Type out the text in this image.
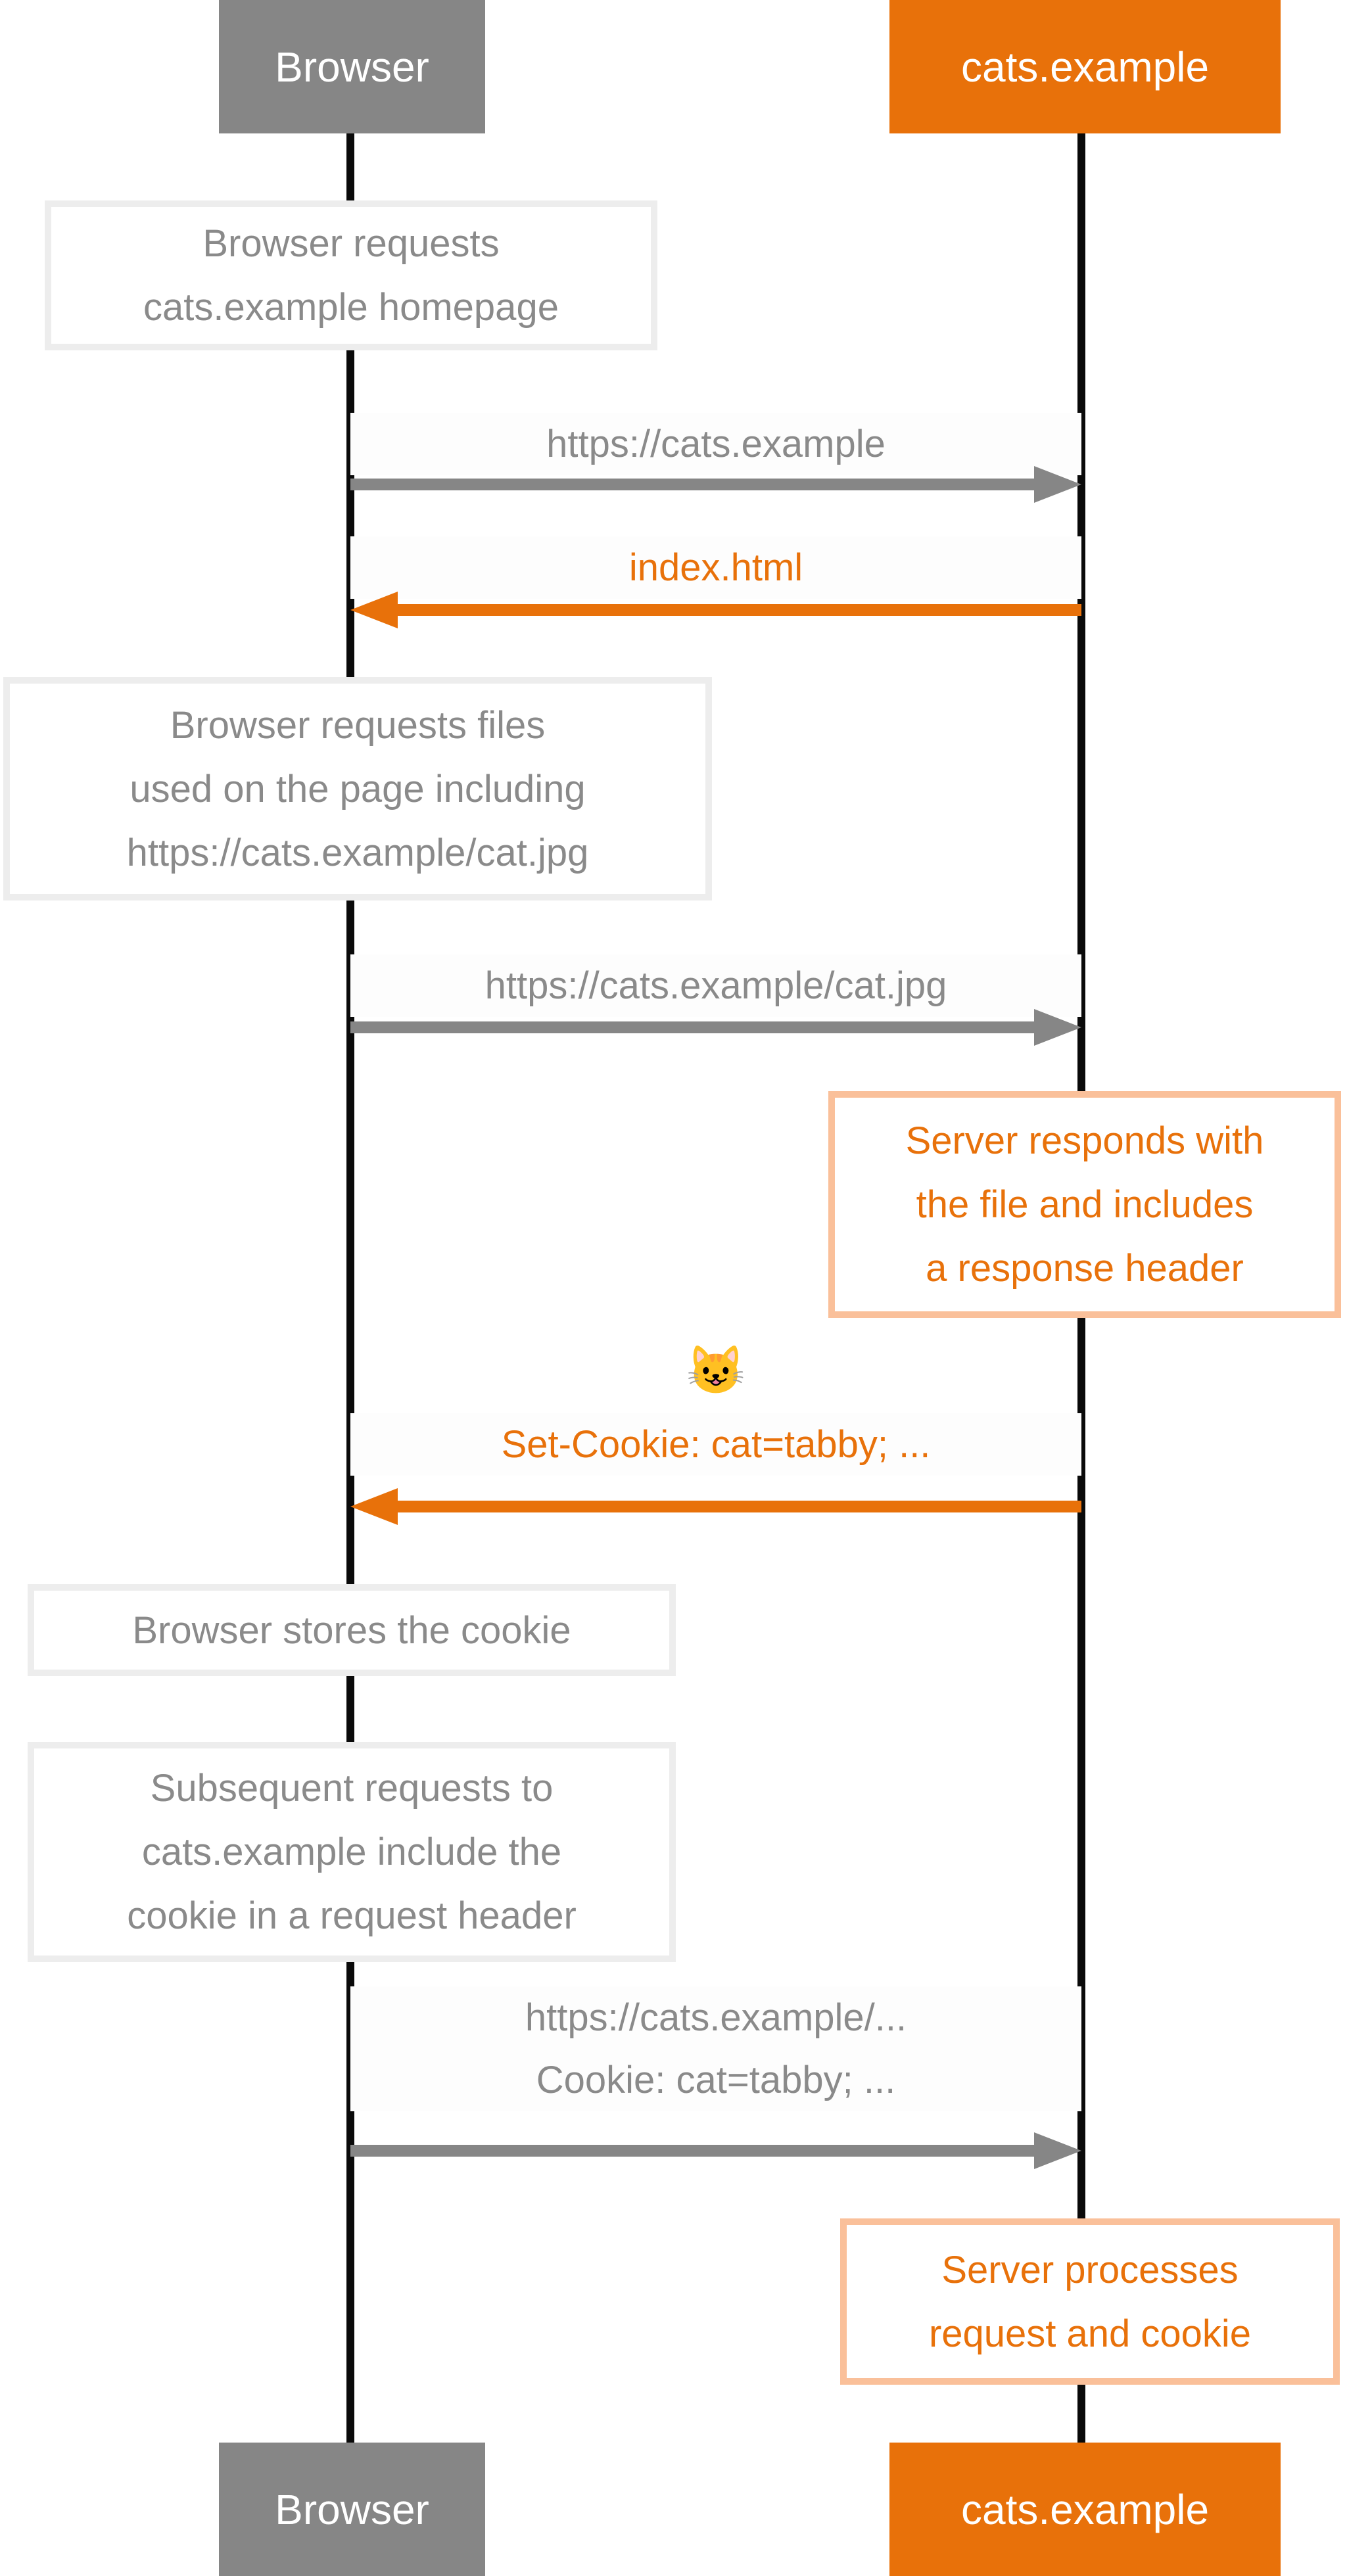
Browser requests
cats.example homepage
Browser requests files
used on the page including
https://cats.example/cat.jpg
Browser stores the cookie
Subsequent requests to
cats.example include the
cookie in a request header
Server responds with
the file and includes
a response header
Server processes
request and cookie
https://cats.example
index.html
https://cats.example/cat.jpg
😺
Set-Cookie: cat=tabby; ...
https://cats.example/...
Cookie: cat=tabby; ...
Browser	cats.example
Browser	cats.example
